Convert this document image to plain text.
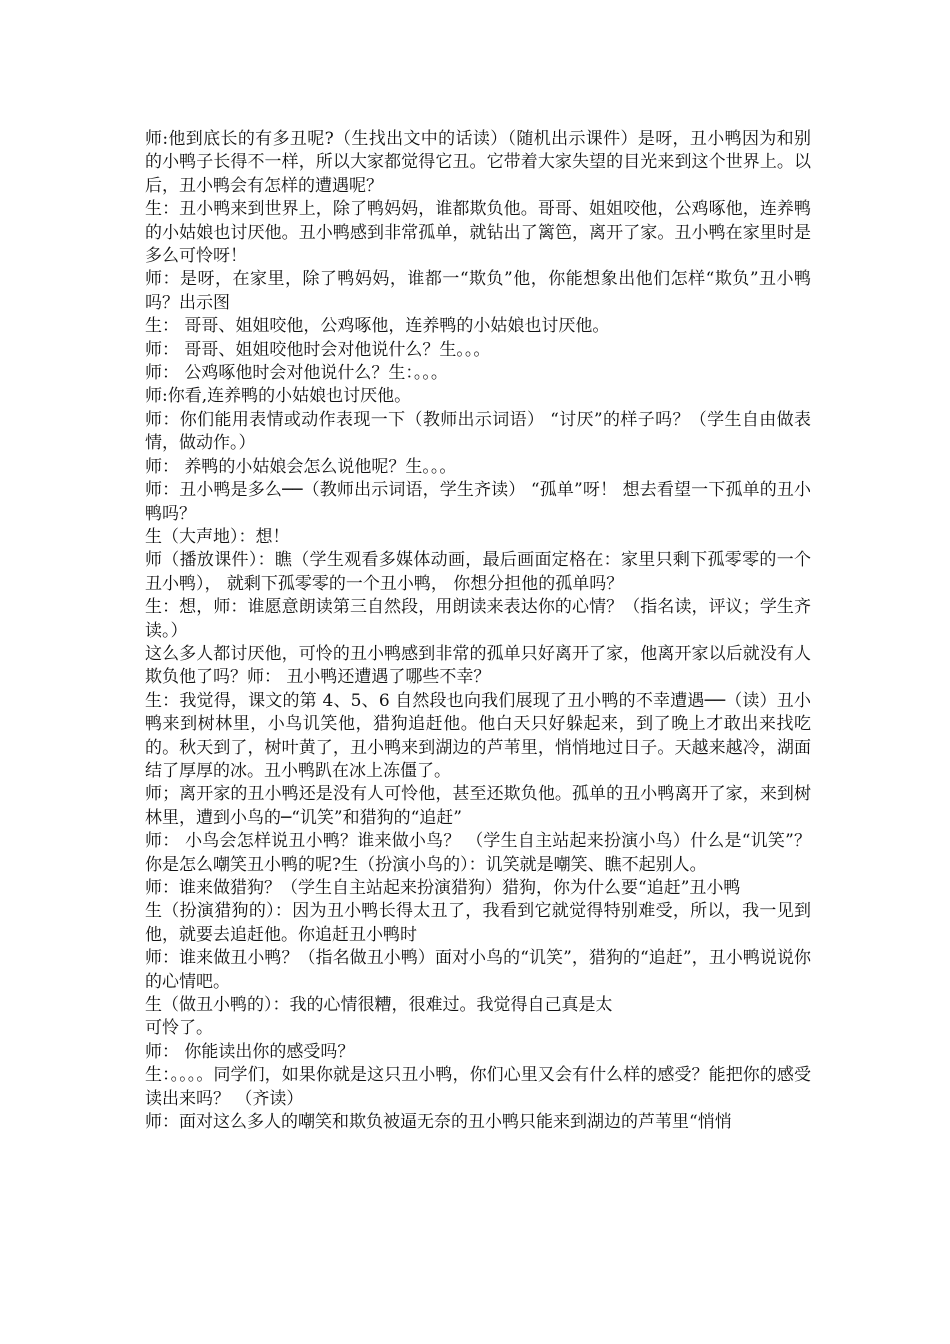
师:他到底长的有多丑呢?（生找出文中的话读）（随机出示课件）是呀，丑小鸭因为和别的小鸭子长得不一样，所以大家都觉得它丑。它带着大家失望的目光来到这个世界上。以后，丑小鸭会有怎样的遭遇呢？

生：丑小鸭来到世界上，除了鸭妈妈，谁都欺负他。哥哥、姐姐咬他，公鸡啄他，连养鸭的小姑娘也讨厌他。丑小鸭感到非常孤单，就钻出了篱笆，离开了家。丑小鸭在家里时是多么可怜呀！

师：是呀，在家里，除了鸭妈妈，谁都一“欺负”他，你能想象出他们怎样“欺负”丑小鸭吗？出示图

生： 哥哥、姐姐咬他，公鸡啄他，连养鸭的小姑娘也讨厌他。

师： 哥哥、姐姐咬他时会对他说什么？生。。。

师： 公鸡啄他时会对他说什么？生：。。。

师:你看,连养鸭的小姑娘也讨厌他。

师：你们能用表情或动作表现一下（教师出示词语） “讨厌”的样子吗？（学生自由做表情，做动作。）

师： 养鸭的小姑娘会怎么说他呢？生。。。

师：丑小鸭是多么──（教师出示词语，学生齐读） “孤单”呀！ 想去看望一下孤单的丑小鸭吗？

生（大声地）：想！

师（播放课件）：瞧（学生观看多媒体动画，最后画面定格在：家里只剩下孤零零的一个丑小鸭）， 就剩下孤零零的一个丑小鸭， 你想分担他的孤单吗？

生：想，师：谁愿意朗读第三自然段，用朗读来表达你的心情？（指名读，评议；学生齐读。）

这么多人都讨厌他，可怜的丑小鸭感到非常的孤单只好离开了家，他离开家以后就没有人欺负他了吗？师： 丑小鸭还遭遇了哪些不幸？

生：我觉得，课文的第 4、5、6 自然段也向我们展现了丑小鸭的不幸遭遇──（读）丑小鸭来到树林里，小鸟讥笑他，猎狗追赶他。他白天只好躲起来，到了晚上才敢出来找吃的。秋天到了，树叶黄了，丑小鸭来到湖边的芦苇里，悄悄地过日子。天越来越冷，湖面结了厚厚的冰。丑小鸭趴在冰上冻僵了。

师；离开家的丑小鸭还是没有人可怜他，甚至还欺负他。孤单的丑小鸭离开了家，来到树林里，遭到小鸟的─“讥笑”和猎狗的“追赶”

师： 小鸟会怎样说丑小鸭？谁来做小鸟？ （学生自主站起来扮演小鸟）什么是“讥笑”？你是怎么嘲笑丑小鸭的呢?生（扮演小鸟的）：讥笑就是嘲笑、瞧不起别人。

师：谁来做猎狗？（学生自主站起来扮演猎狗）猎狗，你为什么要“追赶”丑小鸭

生（扮演猎狗的）：因为丑小鸭长得太丑了，我看到它就觉得特别难受，所以，我一见到他，就要去追赶他。你追赶丑小鸭时

师：谁来做丑小鸭？（指名做丑小鸭）面对小鸟的“讥笑”，猎狗的“追赶”，丑小鸭说说你的心情吧。

生（做丑小鸭的）：我的心情很糟，很难过。我觉得自己真是太

可怜了。

师： 你能读出你的感受吗？

生：。。。。同学们，如果你就是这只丑小鸭，你们心里又会有什么样的感受？能把你的感受读出来吗？ （齐读）

师：面对这么多人的嘲笑和欺负被逼无奈的丑小鸭只能来到湖边的芦苇里“悄悄
